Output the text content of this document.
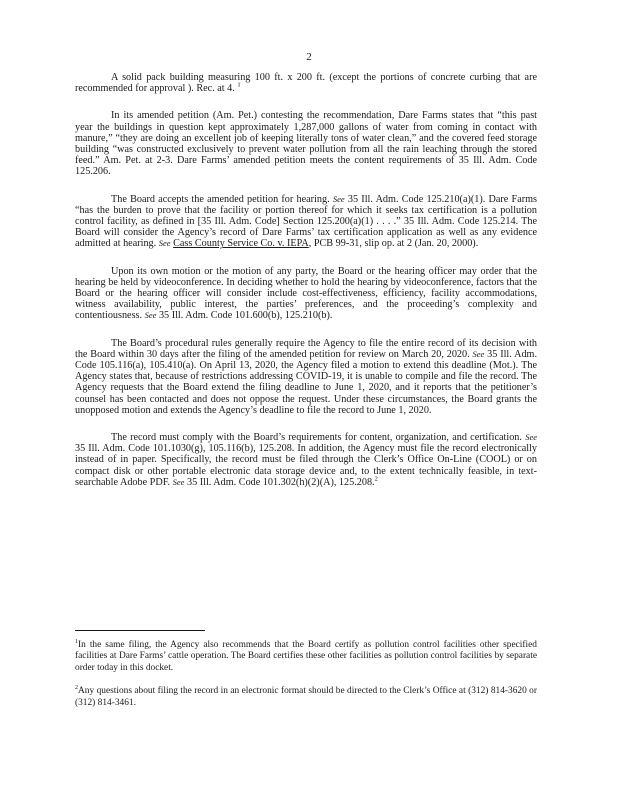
2

A solid pack building measuring 100 ft. x 200 ft. (except the portions of concrete curbing that are recommended for approval ). Rec. at 4. $^1$

In its amended petition (Am. Pet.) contesting the recommendation, Dare Farms states that “this past year the buildings in question kept approximately 1,287,000 gallons of water from coming in contact with manure,” “they are doing an excellent job of keeping literally tons of water clean,” and the covered feed storage building “was constructed exclusively to prevent water pollution from all the rain leaching through the stored feed.” Am. Pet. at 2-3. Dare Farms’ amended petition meets the content requirements of 35 Ill. Adm. Code 125.206.

The Board accepts the amended petition for hearing. See 35 Ill. Adm. Code 125.210(a)(1). Dare Farms “has the burden to prove that the facility or portion thereof for which it seeks tax certification is a pollution control facility, as defined in [35 Ill. Adm. Code] Section 125.200(a)(1) . . . .” 35 Ill. Adm. Code 125.214. The Board will consider the Agency’s record of Dare Farms’ tax certification application as well as any evidence admitted at hearing. See Cass County Service Co. v. IEPA, PCB 99-31, slip op. at 2 (Jan. 20, 2000).

Upon its own motion or the motion of any party, the Board or the hearing officer may order that the hearing be held by videoconference. In deciding whether to hold the hearing by videoconference, factors that the Board or the hearing officer will consider include cost-effectiveness, efficiency, facility accommodations, witness availability, public interest, the parties’ preferences, and the proceeding’s complexity and contentiousness. See 35 Ill. Adm. Code 101.600(b), 125.210(b).

The Board’s procedural rules generally require the Agency to file the entire record of its decision with the Board within 30 days after the filing of the amended petition for review on March 20, 2020. See 35 Ill. Adm. Code 105.116(a), 105.410(a). On April 13, 2020, the Agency filed a motion to extend this deadline (Mot.). The Agency states that, because of restrictions addressing COVID-19, it is unable to compile and file the record. The Agency requests that the Board extend the filing deadline to June 1, 2020, and it reports that the petitioner’s counsel has been contacted and does not oppose the request. Under these circumstances, the Board grants the unopposed motion and extends the Agency’s deadline to file the record to June 1, 2020.

The record must comply with the Board’s requirements for content, organization, and certification. See 35 Ill. Adm. Code 101.1030(g), 105.116(b), 125.208. In addition, the Agency must file the record electronically instead of in paper. Specifically, the record must be filed through the Clerk’s Office On-Line (COOL) or on compact disk or other portable electronic data storage device and, to the extent technically feasible, in text-searchable Adobe PDF. See 35 Ill. Adm. Code 101.302(h)(2)(A), 125.208.$^2$

$^1$In the same filing, the Agency also recommends that the Board certify as pollution control facilities other specified facilities at Dare Farms’ cattle operation. The Board certifies these other facilities as pollution control facilities by separate order today in this docket.

$^2$Any questions about filing the record in an electronic format should be directed to the Clerk’s Office at (312) 814-3620 or (312) 814-3461.
